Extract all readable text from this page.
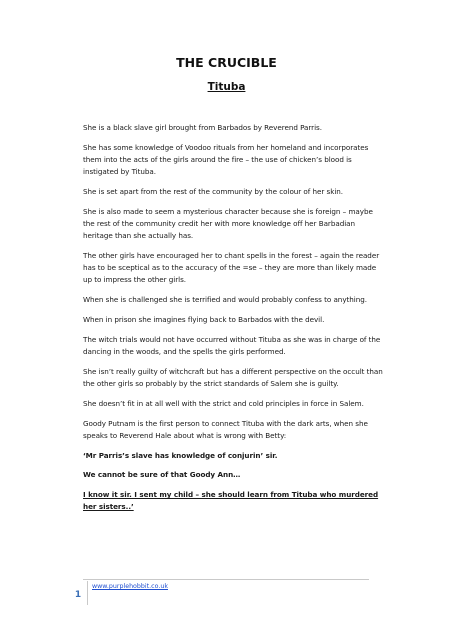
THE CRUCIBLE
Tituba

She is a black slave girl brought from Barbados by Reverend Parris.

She has some knowledge of Voodoo rituals from her homeland and incorporates them into the acts of the girls around the fire – the use of chicken’s blood is instigated by Tituba.

She is set apart from the rest of the community by the colour of her skin.

She is also made to seem a mysterious character because she is foreign – maybe the rest of the community credit her with more knowledge off her Barbadian heritage than she actually has.

The other girls have encouraged her to chant spells in the forest – again the reader has to be sceptical as to the accuracy of the =se – they are more than likely made up to impress the other girls.

When she is challenged she is terrified and would probably confess to anything.

When in prison she imagines flying back to Barbados with the devil.

The witch trials would not have occurred without Tituba as she was in charge of the dancing in the woods, and the spells the girls performed.

She isn’t really guilty of witchcraft but has a different perspective on the occult than the other girls so probably by the strict standards of Salem she is guilty.

She doesn’t fit in at all well with the strict and cold principles in force in Salem.

Goody Putnam is the first person to connect Tituba with the dark arts, when she speaks to Reverend Hale about what is wrong with Betty:

‘Mr Parris’s slave has knowledge of conjurin’ sir.

We cannot be sure of that Goody Ann…

I know it sir. I sent my child – she should learn from Tituba who murdered her sisters..’

1
www.purplehobbit.co.uk
